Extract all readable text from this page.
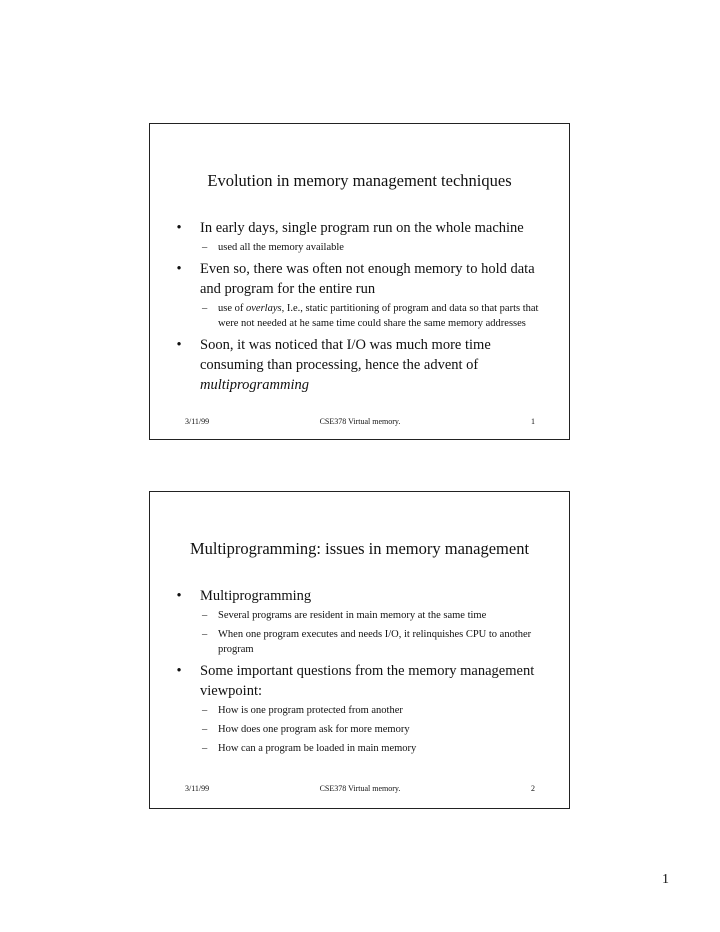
Evolution in memory management techniques
• In early days, single program run on the whole machine
– used all the memory available
• Even so, there was often not enough memory to hold data and program for the entire run
– use of overlays, I.e., static partitioning of program and data so that parts that were not needed at he same time could share the same memory addresses
• Soon, it was noticed that I/O was much more time consuming than processing, hence the advent of multiprogramming
3/11/99	CSE378 Virtual memory.	1
Multiprogramming: issues in memory management
• Multiprogramming
– Several programs are resident in main memory at the same time
– When one program executes and needs I/O, it relinquishes CPU to another program
• Some important questions from the memory management viewpoint:
– How is one program protected from another
– How does one program ask for more memory
– How can a program be loaded in main memory
3/11/99	CSE378 Virtual memory.	2
1
